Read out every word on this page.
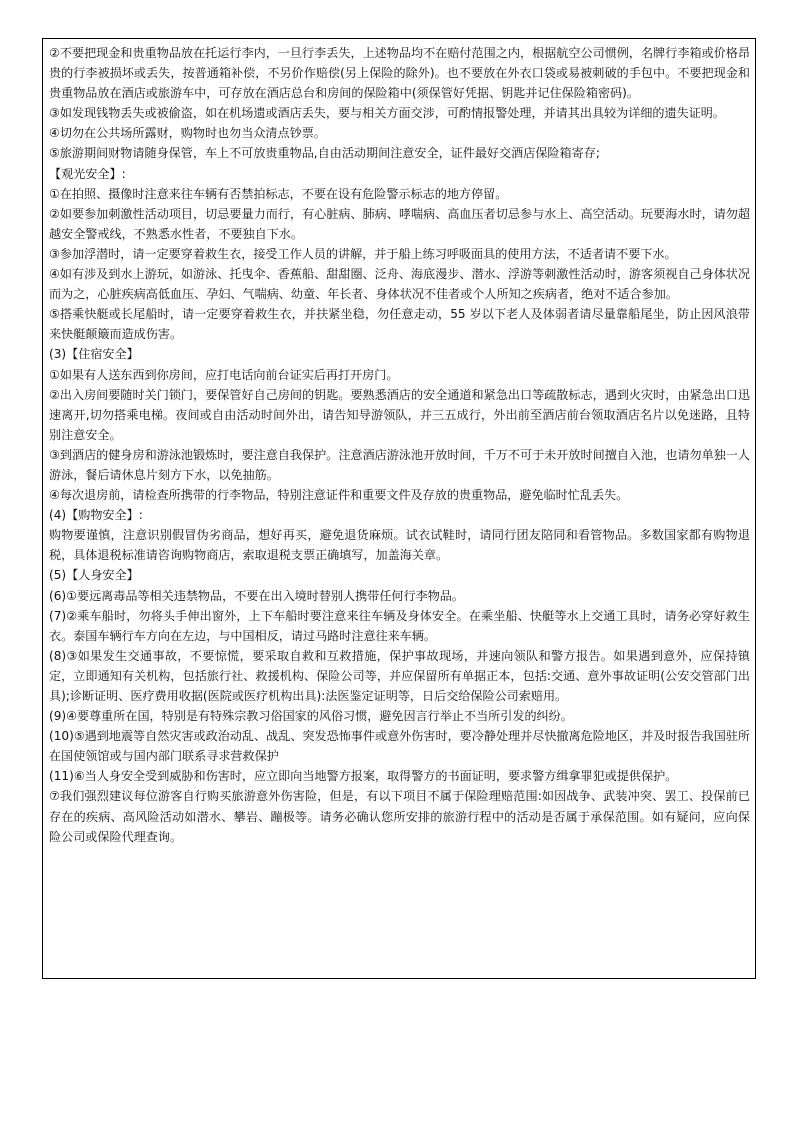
②不要把现金和贵重物品放在托运行李内，一旦行李丢失，上述物品均不在赔付范围之内，根据航空公司惯例，名牌行李箱或价格昂贵的行李被损坏或丢失，按普通箱补偿，不另价作赔偿(另上保险的除外)。也不要放在外衣口袋或易被刺破的手包中。不要把现金和贵重物品放在酒店或旅游车中，可存放在酒店总台和房间的保险箱中(须保管好凭据、钥匙并记住保险箱密码)。

③如发现钱物丢失或被偷盗，如在机场遗或酒店丢失，要与相关方面交涉，可酌情报警处理，并请其出具较为详细的遗失证明。

④切勿在公共场所露财，购物时也勿当众清点钞票。

⑤旅游期间财物请随身保管，车上不可放贵重物品,自由活动期间注意安全，证件最好交酒店保险箱寄存;

【观光安全】:

①在拍照、摄像时注意来往车辆有否禁拍标志，不要在设有危险警示标志的地方停留。

②如要参加刺激性活动项目，切忌要量力而行，有心脏病、肺病、哮喘病、高血压者切忌参与水上、高空活动。玩要海水时，请勿超越安全警戒线，不熟悉水性者，不要独自下水。

③参加浮潜时，请一定要穿着救生衣，接受工作人员的讲解，并于船上练习呼吸面具的使用方法，不适者请不要下水。

④如有涉及到水上游玩，如游泳、托曳伞、香蕉船、甜甜圈、泛舟、海底漫步、潜水、浮游等刺激性活动时，游客须视自己身体状况而为之，心脏疾病高低血压、孕妇、气喘病、幼童、年长者、身体状况不佳者或个人所知之疾病者，绝对不适合参加。

⑤搭乘快艇或长尾船时，请一定要穿着救生衣，并扶紧坐稳，勿任意走动，55 岁以下老人及体弱者请尽量靠船尾坐，防止因风浪带来快艇颠簸而造成伤害。

(3)【住宿安全】

①如果有人送东西到你房间，应打电话向前台证实后再打开房门。

②出入房间要随时关门锁门，要保管好自己房间的钥匙。要熟悉酒店的安全通道和紧急出口等疏散标志，遇到火灾时，由紧急出口迅速离开,切勿搭乘电梯。夜间或自由活动时间外出，请告知导游领队，并三五成行，外出前至酒店前台领取酒店名片以免迷路，且特别注意安全。

③到酒店的健身房和游泳池锻炼时，要注意自我保护。注意酒店游泳池开放时间，千万不可于未开放时间擅自入池，也请勿单独一人游泳，餐后请休息片刻方下水，以免抽筋。

④每次退房前，请检查所携带的行李物品，特别注意证件和重要文件及存放的贵重物品，避免临时忙乱丢失。

(4)【购物安全】:

购物要谨慎，注意识别假冒伪劣商品，想好再买，避免退货麻烦。试衣试鞋时，请同行团友陪同和看管物品。多数国家都有购物退税，具体退税标准请咨询购物商店，索取退税支票正确填写，加盖海关章。

(5)【人身安全】

(6)①要远离毒品等相关违禁物品，不要在出入境时替别人携带任何行李物品。

(7)②乘车船时，勿将头手伸出窗外，上下车船时要注意来往车辆及身体安全。在乘坐船、快艇等水上交通工具时，请务必穿好救生衣。泰国车辆行车方向在左边，与中国相反，请过马路时注意往来车辆。

(8)③如果发生交通事故，不要惊慌，要采取自救和互救措施，保护事故现场，并速向领队和警方报告。如果遇到意外，应保持镇定，立即通知有关机构，包括旅行社、救援机构、保险公司等，并应保留所有单据正本，包括:交通、意外事故证明(公安交管部门出具);诊断证明、医疗费用收据(医院或医疗机构出具):法医鉴定证明等，日后交给保险公司索赔用。

(9)④要尊重所在国，特别是有特殊宗教习俗国家的风俗习惯，避免因言行举止不当所引发的纠纷。

(10)⑤遇到地震等自然灾害或政治动乱、战乱、突发恐怖事件或意外伤害时，要冷静处理并尽快撤离危险地区，并及时报告我国驻所在国使领馆或与国内部门联系寻求营救保护

(11)⑥当人身安全受到威胁和伤害时，应立即向当地警方报案，取得警方的书面证明，要求警方缉拿罪犯或提供保护。

⑦我们强烈建议每位游客自行购买旅游意外伤害险，但是，有以下项目不属于保险理赔范围:如因战争、武装冲突、罢工、投保前已存在的疾病、高风险活动如潜水、攀岩、蹦极等。请务必确认您所安排的旅游行程中的活动是否属于承保范围。如有疑问，应向保险公司或保险代理查询。
